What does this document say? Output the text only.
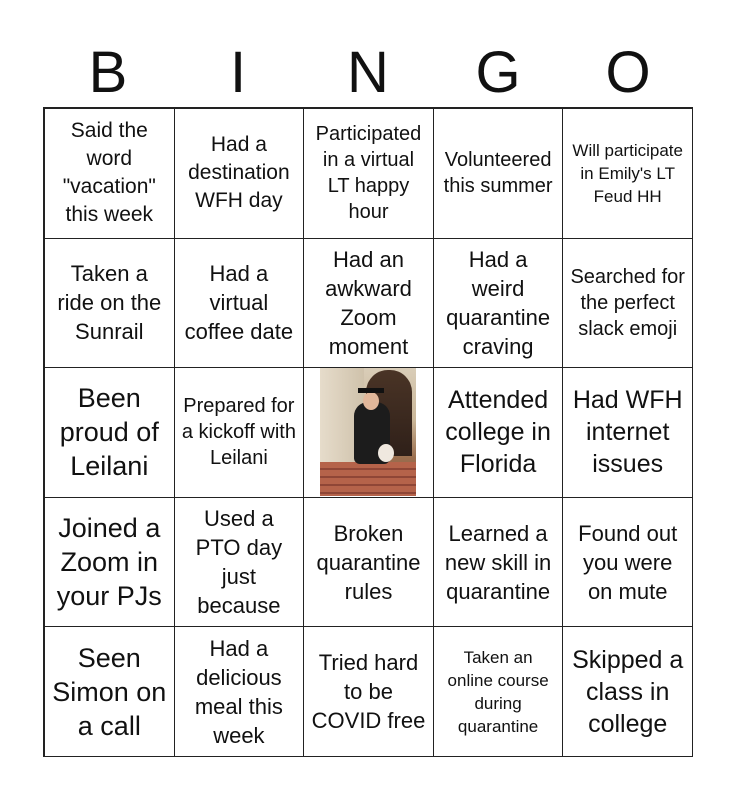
B	I	N	G	O
Said the word "vacation" this week
Had a destination WFH day
Participated in a virtual LT happy hour
Volunteered this summer
Will participate in Emily's LT Feud HH
Taken a ride on the Sunrail
Had a virtual coffee date
Had an awkward Zoom moment
Had a weird quarantine craving
Searched for the perfect slack emoji
Been proud of Leilani
Prepared for a kickoff with Leilani
Attended college in Florida
Had WFH internet issues
Joined a Zoom in your PJs
Used a PTO day just because
Broken quarantine rules
Learned a new skill in quarantine
Found out you were on mute
Seen Simon on a call
Had a delicious meal this week
Tried hard to be COVID free
Taken an online course during quarantine
Skipped a class in college
